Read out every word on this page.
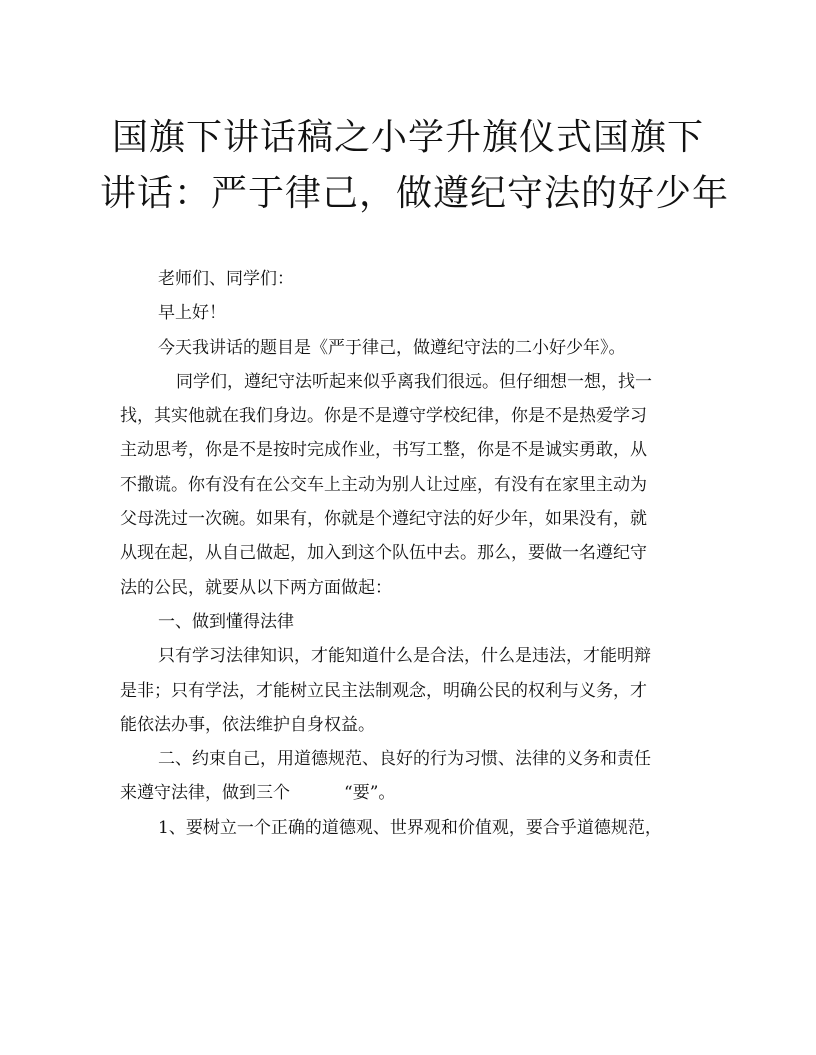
国旗下讲话稿之小学升旗仪式国旗下
讲话：严于律己，做遵纪守法的好少年

老师们、同学们：

早上好！

今天我讲话的题目是《严于律己，做遵纪守法的二小好少年》。

同学们，遵纪守法听起来似乎离我们很远。但仔细想一想，找一

找，其实他就在我们身边。你是不是遵守学校纪律，你是不是热爱学习

主动思考，你是不是按时完成作业，书写工整，你是不是诚实勇敢，从

不撒谎。你有没有在公交车上主动为别人让过座，有没有在家里主动为

父母洗过一次碗。如果有，你就是个遵纪守法的好少年，如果没有，就

从现在起，从自己做起，加入到这个队伍中去。那么，要做一名遵纪守

法的公民，就要从以下两方面做起：

一、做到懂得法律

只有学习法律知识，才能知道什么是合法，什么是违法，才能明辩

是非；只有学法，才能树立民主法制观念，明确公民的权利与义务，才

能依法办事，依法维护自身权益。

二、约束自己，用道德规范、良好的行为习惯、法律的义务和责任

来遵守法律，做到三个	“要”。

1、要树立一个正确的道德观、世界观和价值观，要合乎道德规范，
